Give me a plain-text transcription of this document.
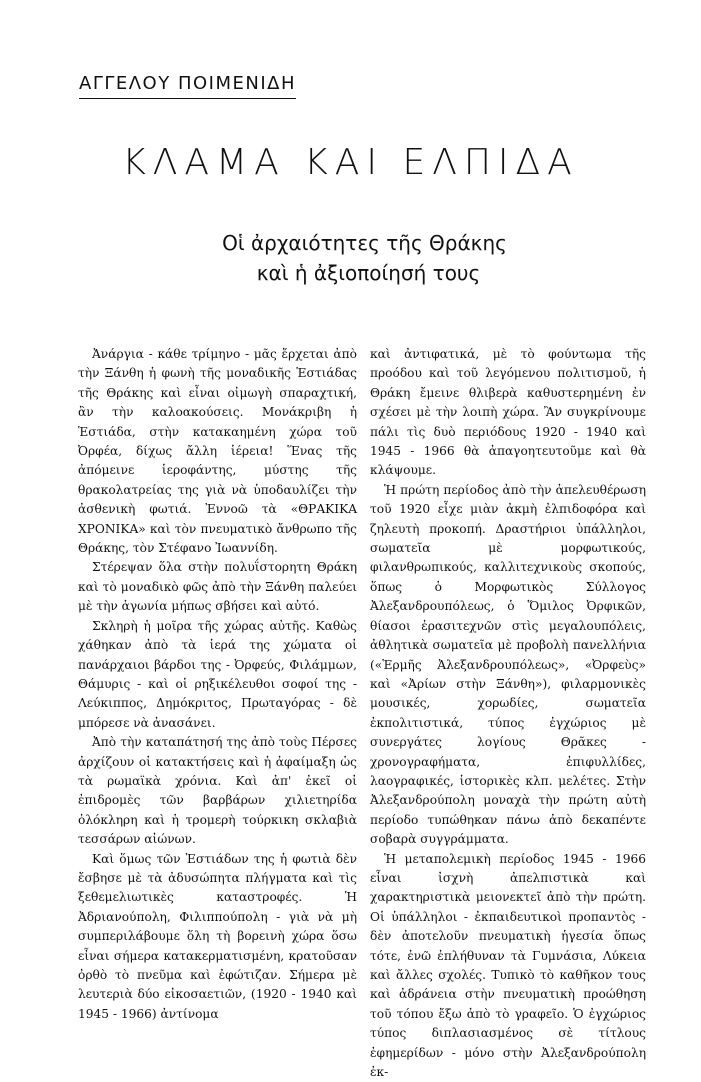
ΑΓΓΕΛΟΥ ΠΟΙΜΕΝΙΔΗ
ΚΛΑΜΑ ΚΑΙ ΕΛΠΙΔΑ
Οἱ ἀρχαιότητες τῆς Θράκης
καὶ ἡ ἀξιοποίησή τους

Ἀνάργια - κάθε τρίμηνο - μᾶς ἔρχεται ἀπὸ τὴν Ξάνθη ἡ φωνὴ τῆς μοναδικῆς Ἑστιάδας τῆς Θράκης καὶ εἶναι οἰμωγὴ σπαραχτική, ἂν τὴν καλοακούσεις. Μονάκριβη ἡ Ἑστιάδα, στὴν κατακαημένη χώρα τοῦ Ὀρφέα, δίχως ἄλλη ἱέρεια! Ἕνας τῆς ἀπόμεινε ἱεροφάντης, μύστης τῆς θρακολατρείας της γιὰ νὰ ὑποδαυλίζει τὴν ἀσθενικὴ φωτιά. Ἐννοῶ τὰ «ΘΡΑΚΙΚΑ ΧΡΟΝΙΚΑ» καὶ τὸν πνευματικὸ ἄνθρωπο τῆς Θράκης, τὸν Στέφανο Ἰωαννίδη.

Στέρεψαν ὅλα στὴν πολυΐστορητη Θράκη καὶ τὸ μοναδικὸ φῶς ἀπὸ τὴν Ξάνθη παλεύει μὲ τὴν ἀγωνία μήπως σβήσει καὶ αὐτό.

Σκληρὴ ἡ μοῖρα τῆς χώρας αὐτῆς. Καθὼς χάθηκαν ἀπὸ τὰ ἱερά της χώματα οἱ πανάρχαιοι βάρδοι της - Ὀρφεύς, Φιλάμμων, Θάμυρις - καὶ οἱ ρηξικέλευθοι σοφοί της - Λεύκιππος, Δημόκριτος, Πρωταγόρας - δὲ μπόρεσε νὰ ἀνασάνει.

Ἀπὸ τὴν καταπάτησή της ἀπὸ τοὺς Πέρσες ἀρχίζουν οἱ κατακτήσεις καὶ ἡ ἀφαίμαξη ὡς τὰ ρωμαϊκὰ χρόνια. Καὶ ἀπ' ἐκεῖ οἱ ἐπιδρομὲς τῶν βαρβάρων χιλιετηρίδα ὁλόκληρη καὶ ἡ τρομερὴ τούρκικη σκλαβιὰ τεσσάρων αἰώνων.

Καὶ ὅμως τῶν Ἑστιάδων της ἡ φωτιὰ δὲν ἔσβησε μὲ τὰ ἀδυσώπητα πλήγματα καὶ τὶς ξεθεμελιωτικὲς καταστροφές. Ἡ Ἀδριανούπολη, Φιλιππούπολη - γιὰ νὰ μὴ συμπεριλάβουμε ὅλη τὴ βορεινὴ χώρα ὅσω εἶναι σήμερα κατακερματισμένη, κρατοῦσαν ὀρθὸ τὸ πνεῦμα καὶ ἐφώτιζαν. Σήμερα μὲ λευτεριὰ δύο εἰκοσαετιῶν, (1920 - 1940 καὶ 1945 - 1966) ἀντίνομα

καὶ ἀντιφατικά, μὲ τὸ φούντωμα τῆς προόδου καὶ τοῦ λεγόμενου πολιτισμοῦ, ἡ Θράκη ἔμεινε θλιβερὰ καθυστερημένη ἐν σχέσει μὲ τὴν λοιπὴ χώρα. Ἂν συγκρίνουμε πάλι τὶς δυὸ περιόδους 1920 - 1940 καὶ 1945 - 1966 θὰ ἀπαγοητευτοῦμε καὶ θὰ κλάψουμε.

Ἡ πρώτη περίοδος ἀπὸ τὴν ἀπελευθέρωση τοῦ 1920 εἶχε μιὰν ἀκμὴ ἐλπιδοφόρα καὶ ζηλευτὴ προκοπή. Δραστήριοι ὑπάλληλοι, σωματεῖα μὲ μορφωτικούς, φιλανθρωπικούς, καλλιτεχνικοὺς σκοπούς, ὅπως ὁ Μορφωτικὸς Σύλλογος Ἀλεξανδρουπόλεως, ὁ Ὅμιλος Ὀρφικῶν, θίασοι ἐρασιτεχνῶν στὶς μεγαλουπόλεις, ἀθλητικὰ σωματεῖα μὲ προβολὴ πανελλήνια («Ἑρμῆς Ἀλεξανδρουπόλεως», «Ὀρφεὺς» καὶ «Ἀρίων στὴν Ξάνθη»), φιλαρμονικὲς μουσικές, χορωδίες, σωματεῖα ἐκπολιτιστικά, τύπος ἐγχώριος μὲ συνεργάτες λογίους Θρᾶκες - χρονογραφήματα, ἐπιφυλλίδες, λαογραφικές, ἱστορικὲς κλπ. μελέτες. Στὴν Ἀλεξανδρούπολη μοναχὰ τὴν πρώτη αὐτὴ περίοδο τυπώθηκαν πάνω ἀπὸ δεκαπέντε σοβαρὰ συγγράμματα.

Ἡ μεταπολεμικὴ περίοδος 1945 - 1966 εἶναι ἰσχνὴ ἀπελπιστικὰ καὶ χαρακτηριστικὰ μειονεκτεῖ ἀπὸ τὴν πρώτη. Οἱ ὑπάλληλοι - ἐκπαιδευτικοὶ προπαντὸς - δὲν ἀποτελοῦν πνευματικὴ ἡγεσία ὅπως τότε, ἐνῶ ἐπλήθυναν τὰ Γυμνάσια, Λύκεια καὶ ἄλλες σχολές. Τυπικὸ τὸ καθῆκον τους καὶ ἀδράνεια στὴν πνευματικὴ προώθηση τοῦ τόπου ἔξω ἀπὸ τὸ γραφεῖο. Ὁ ἐγχώριος τύπος διπλασιασμένος σὲ τίτλους ἐφημερίδων - μόνο στὴν Ἀλεξανδρούπολη ἐκ-
